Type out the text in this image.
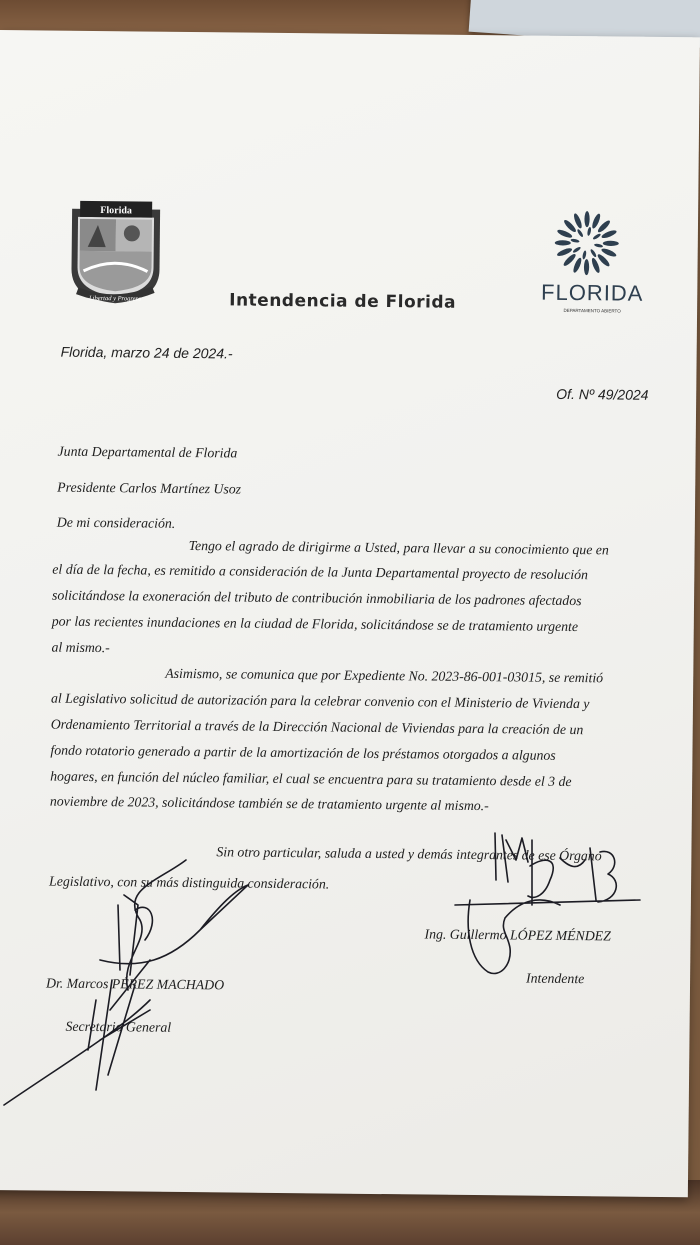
Florida
Libertad y Progreso	FLORIDA
DEPARTAMENTO ABIERTO
Intendencia de Florida
Florida, marzo 24 de 2024.-
Of. Nº 49/2024
Junta Departamental de Florida
Presidente Carlos Martínez Usoz
De mi consideración.
Tengo el agrado de dirigirme a Usted, para llevar a su conocimiento que en
el día de la fecha, es remitido a consideración de la Junta Departamental proyecto de resolución
solicitándose la exoneración del tributo de contribución inmobiliaria de los padrones afectados
por las recientes inundaciones en la ciudad de Florida, solicitándose se de tratamiento urgente
al mismo.-
Asimismo, se comunica que por Expediente No. 2023-86-001-03015, se remitió
al Legislativo solicitud de autorización para la celebrar convenio con el Ministerio de Vivienda y
Ordenamiento Territorial a través de la Dirección Nacional de Viviendas para la creación de un
fondo rotatorio generado a partir de la amortización de los préstamos otorgados a algunos
hogares, en función del núcleo familiar, el cual se encuentra para su tratamiento desde el 3 de
noviembre de 2023, solicitándose también se de tratamiento urgente al mismo.-
Sin otro particular, saluda a usted y demás integrantes de ese Órgano
Legislativo, con su más distinguida consideración.
Ing. Guillermo LÓPEZ MÉNDEZ
Intendente
Dr. Marcos PÉREZ MACHADO
Secretario General
